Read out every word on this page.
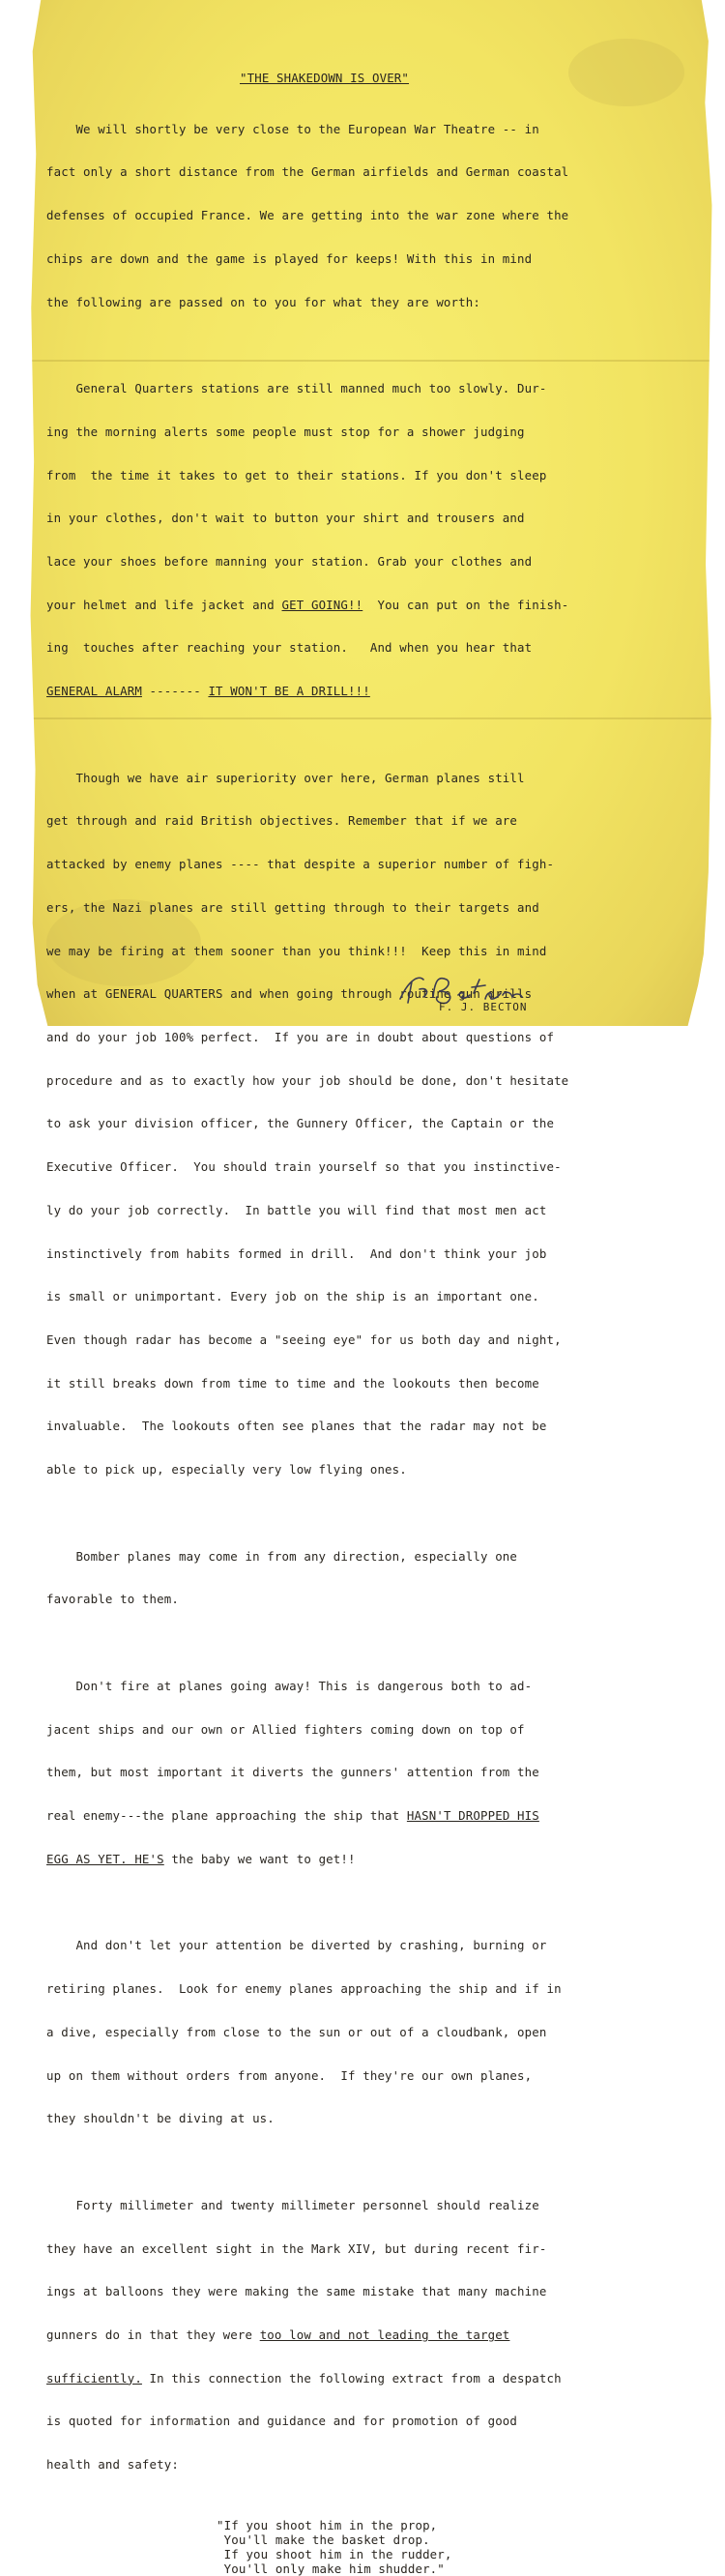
"THE SHAKEDOWN IS OVER"

We will shortly be very close to the European War Theatre -- in

fact only a short distance from the German airfields and German coastal

defenses of occupied France. We are getting into the war zone where the

chips are down and the game is played for keeps! With this in mind

the following are passed on to you for what they are worth:

General Quarters stations are still manned much too slowly. Dur-

ing the morning alerts some people must stop for a shower judging

from  the time it takes to get to their stations. If you don't sleep

in your clothes, don't wait to button your shirt and trousers and

lace your shoes before manning your station. Grab your clothes and

your helmet and life jacket and GET GOING!!  You can put on the finish-

ing  touches after reaching your station.   And when you hear that

GENERAL ALARM ------- IT WON'T BE A DRILL!!!

Though we have air superiority over here, German planes still

get through and raid British objectives. Remember that if we are

attacked by enemy planes ---- that despite a superior number of figh-

ers, the Nazi planes are still getting through to their targets and

we may be firing at them sooner than you think!!!  Keep this in mind

when at GENERAL QUARTERS and when going through routine gun drills

and do your job 100% perfect.  If you are in doubt about questions of

procedure and as to exactly how your job should be done, don't hesitate

to ask your division officer, the Gunnery Officer, the Captain or the

Executive Officer.  You should train yourself so that you instinctive-

ly do your job correctly.  In battle you will find that most men act

instinctively from habits formed in drill.  And don't think your job

is small or unimportant. Every job on the ship is an important one.

Even though radar has become a "seeing eye" for us both day and night,

it still breaks down from time to time and the lookouts then become

invaluable.  The lookouts often see planes that the radar may not be

able to pick up, especially very low flying ones.

Bomber planes may come in from any direction, especially one

favorable to them.

Don't fire at planes going away! This is dangerous both to ad-

jacent ships and our own or Allied fighters coming down on top of

them, but most important it diverts the gunners' attention from the

real enemy---the plane approaching the ship that HASN'T DROPPED HIS

EGG AS YET. HE'S the baby we want to get!!

And don't let your attention be diverted by crashing, burning or

retiring planes.  Look for enemy planes approaching the ship and if in

a dive, especially from close to the sun or out of a cloudbank, open

up on them without orders from anyone.  If they're our own planes,

they shouldn't be diving at us.

Forty millimeter and twenty millimeter personnel should realize

they have an excellent sight in the Mark XIV, but during recent fir-

ings at balloons they were making the same mistake that many machine

gunners do in that they were too low and not leading the target

sufficiently. In this connection the following extract from a despatch

is quoted for information and guidance and for promotion of good

health and safety:

"If you shoot him in the prop,
You'll make the basket drop.
If you shoot him in the rudder,
You'll only make him shudder."
F. J. BECTON
